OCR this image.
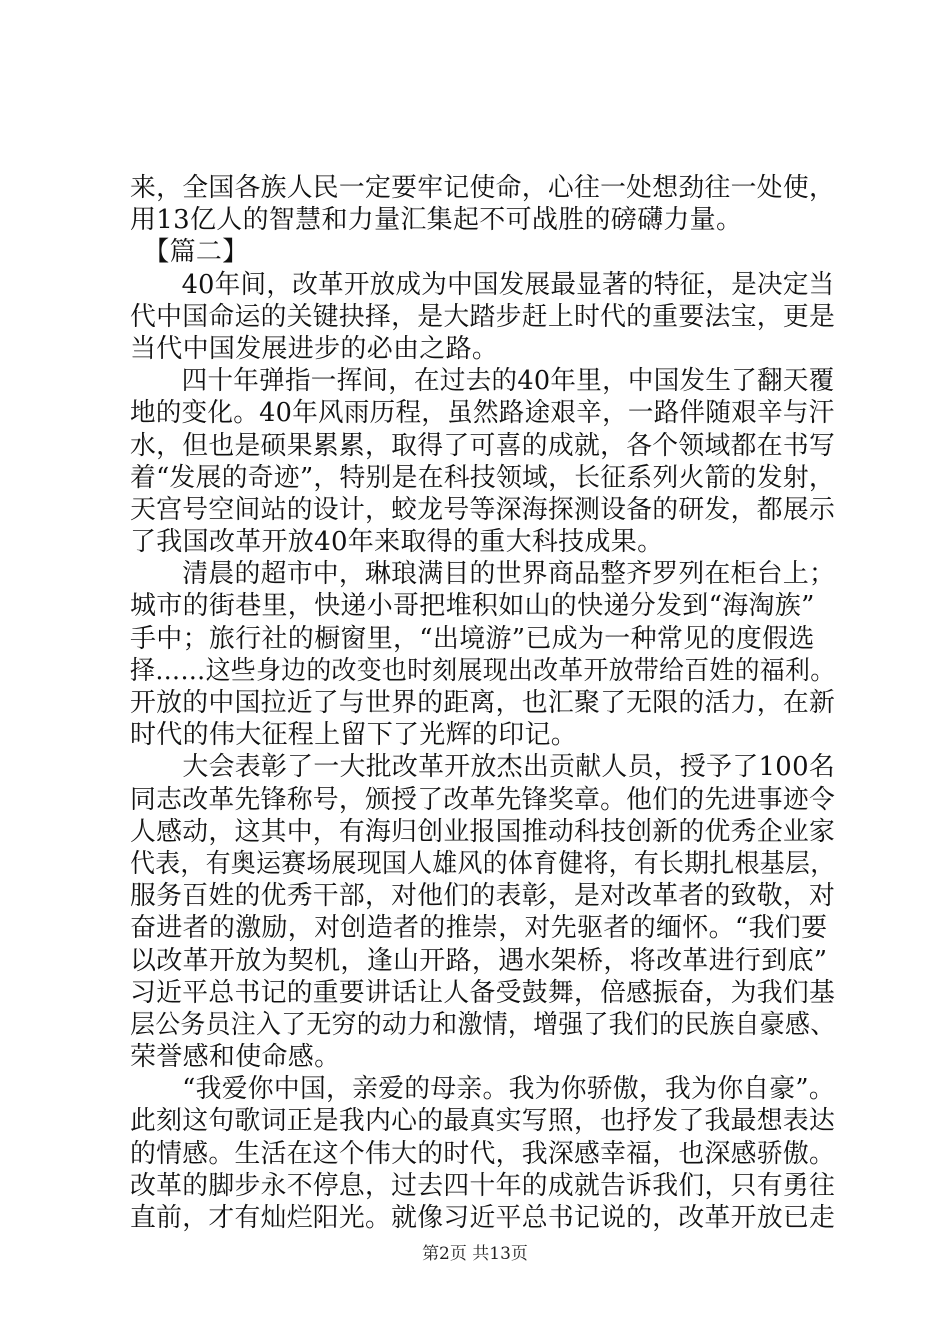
来，全国各族人民一定要牢记使命，心往一处想劲往一处使，
用13亿人的智慧和力量汇集起不可战胜的磅礴力量。
　【篇二】
　　40年间，改革开放成为中国发展最显著的特征，是决定当
代中国命运的关键抉择，是大踏步赶上时代的重要法宝，更是
当代中国发展进步的必由之路。
　　四十年弹指一挥间，在过去的40年里，中国发生了翻天覆
地的变化。40年风雨历程，虽然路途艰辛，一路伴随艰辛与汗
水，但也是硕果累累，取得了可喜的成就，各个领域都在书写
着“发展的奇迹”，特别是在科技领域，长征系列火箭的发射，
天宫号空间站的设计，蛟龙号等深海探测设备的研发，都展示
了我国改革开放40年来取得的重大科技成果。
　　清晨的超市中，琳琅满目的世界商品整齐罗列在柜台上；
城市的街巷里，快递小哥把堆积如山的快递分发到“海淘族”
手中；旅行社的橱窗里，“出境游”已成为一种常见的度假选
择……这些身边的改变也时刻展现出改革开放带给百姓的福利。
开放的中国拉近了与世界的距离，也汇聚了无限的活力，在新
时代的伟大征程上留下了光辉的印记。
　　大会表彰了一大批改革开放杰出贡献人员，授予了100名
同志改革先锋称号，颁授了改革先锋奖章。他们的先进事迹令
人感动，这其中，有海归创业报国推动科技创新的优秀企业家
代表，有奥运赛场展现国人雄风的体育健将，有长期扎根基层，
服务百姓的优秀干部，对他们的表彰，是对改革者的致敬，对
奋进者的激励，对创造者的推崇，对先驱者的缅怀。“我们要
以改革开放为契机，逢山开路，遇水架桥，将改革进行到底”
习近平总书记的重要讲话让人备受鼓舞，倍感振奋，为我们基
层公务员注入了无穷的动力和激情，增强了我们的民族自豪感、
荣誉感和使命感。
　　“我爱你中国，亲爱的母亲。我为你骄傲，我为你自豪”。
此刻这句歌词正是我内心的最真实写照，也抒发了我最想表达
的情感。生活在这个伟大的时代，我深感幸福，也深感骄傲。
改革的脚步永不停息，过去四十年的成就告诉我们，只有勇往
直前，才有灿烂阳光。就像习近平总书记说的，改革开放已走
第2页 共13页
